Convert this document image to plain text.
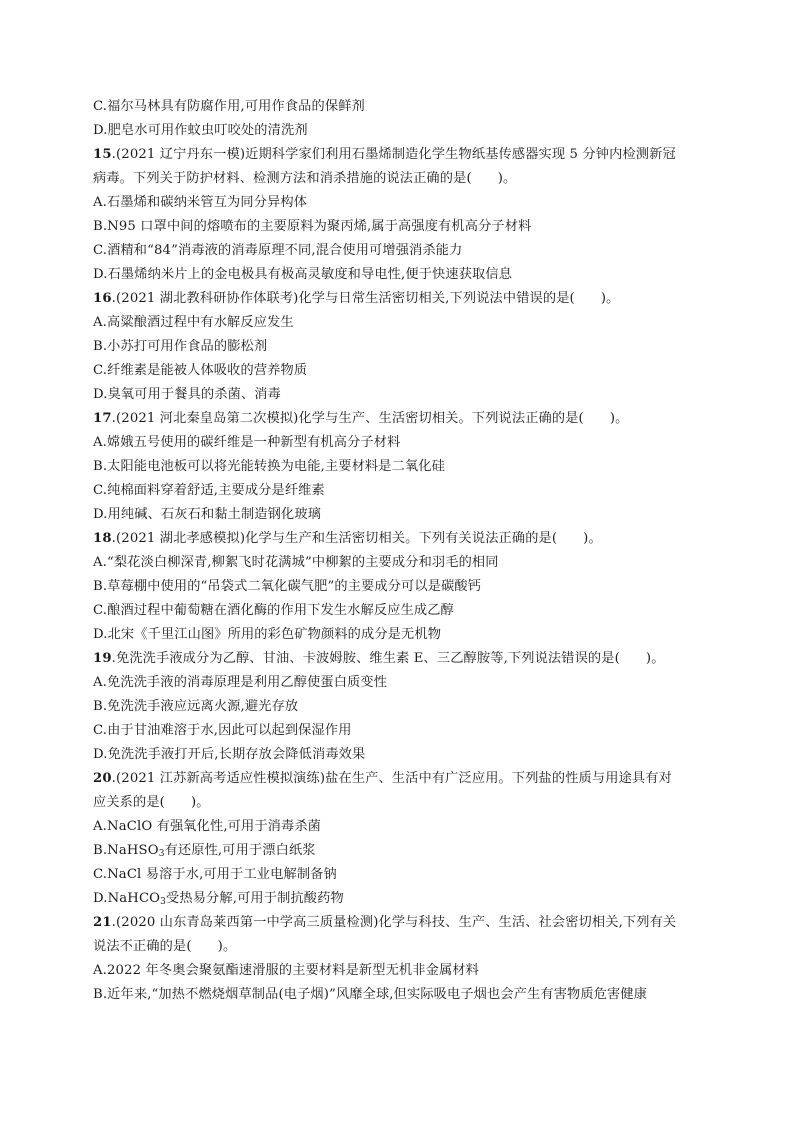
C.福尔马林具有防腐作用,可用作食品的保鲜剂
D.肥皂水可用作蚊虫叮咬处的清洗剂
15.(2021 辽宁丹东一模)近期科学家们利用石墨烯制造化学生物纸基传感器实现 5 分钟内检测新冠
病毒。下列关于防护材料、检测方法和消杀措施的说法正确的是( )。
A.石墨烯和碳纳米管互为同分异构体
B.N95 口罩中间的熔喷布的主要原料为聚丙烯,属于高强度有机高分子材料
C.酒精和“84”消毒液的消毒原理不同,混合使用可增强消杀能力
D.石墨烯纳米片上的金电极具有极高灵敏度和导电性,便于快速获取信息
16.(2021 湖北教科研协作体联考)化学与日常生活密切相关,下列说法中错误的是( )。
A.高粱酿酒过程中有水解反应发生
B.小苏打可用作食品的膨松剂
C.纤维素是能被人体吸收的营养物质
D.臭氧可用于餐具的杀菌、消毒
17.(2021 河北秦皇岛第二次模拟)化学与生产、生活密切相关。下列说法正确的是( )。
A.嫦娥五号使用的碳纤维是一种新型有机高分子材料
B.太阳能电池板可以将光能转换为电能,主要材料是二氧化硅
C.纯棉面料穿着舒适,主要成分是纤维素
D.用纯碱、石灰石和黏土制造钢化玻璃
18.(2021 湖北孝感模拟)化学与生产和生活密切相关。下列有关说法正确的是( )。
A.“梨花淡白柳深青,柳絮飞时花满城”中柳絮的主要成分和羽毛的相同
B.草莓棚中使用的“吊袋式二氧化碳气肥”的主要成分可以是碳酸钙
C.酿酒过程中葡萄糖在酒化酶的作用下发生水解反应生成乙醇
D.北宋《千里江山图》所用的彩色矿物颜料的成分是无机物
19.免洗洗手液成分为乙醇、甘油、卡波姆胺、维生素 E、三乙醇胺等,下列说法错误的是( )。
A.免洗洗手液的消毒原理是利用乙醇使蛋白质变性
B.免洗洗手液应远离火源,避光存放
C.由于甘油难溶于水,因此可以起到保湿作用
D.免洗洗手液打开后,长期存放会降低消毒效果
20.(2021 江苏新高考适应性模拟演练)盐在生产、生活中有广泛应用。下列盐的性质与用途具有对
应关系的是( )。
A.NaClO 有强氧化性,可用于消毒杀菌
B.NaHSO$_3$有还原性,可用于漂白纸浆
C.NaCl 易溶于水,可用于工业电解制备钠
D.NaHCO$_3$受热易分解,可用于制抗酸药物
21.(2020 山东青岛莱西第一中学高三质量检测)化学与科技、生产、生活、社会密切相关,下列有关
说法不正确的是( )。
A.2022 年冬奥会聚氨酯速滑服的主要材料是新型无机非金属材料
B.近年来,“加热不燃烧烟草制品(电子烟)”风靡全球,但实际吸电子烟也会产生有害物质危害健康
